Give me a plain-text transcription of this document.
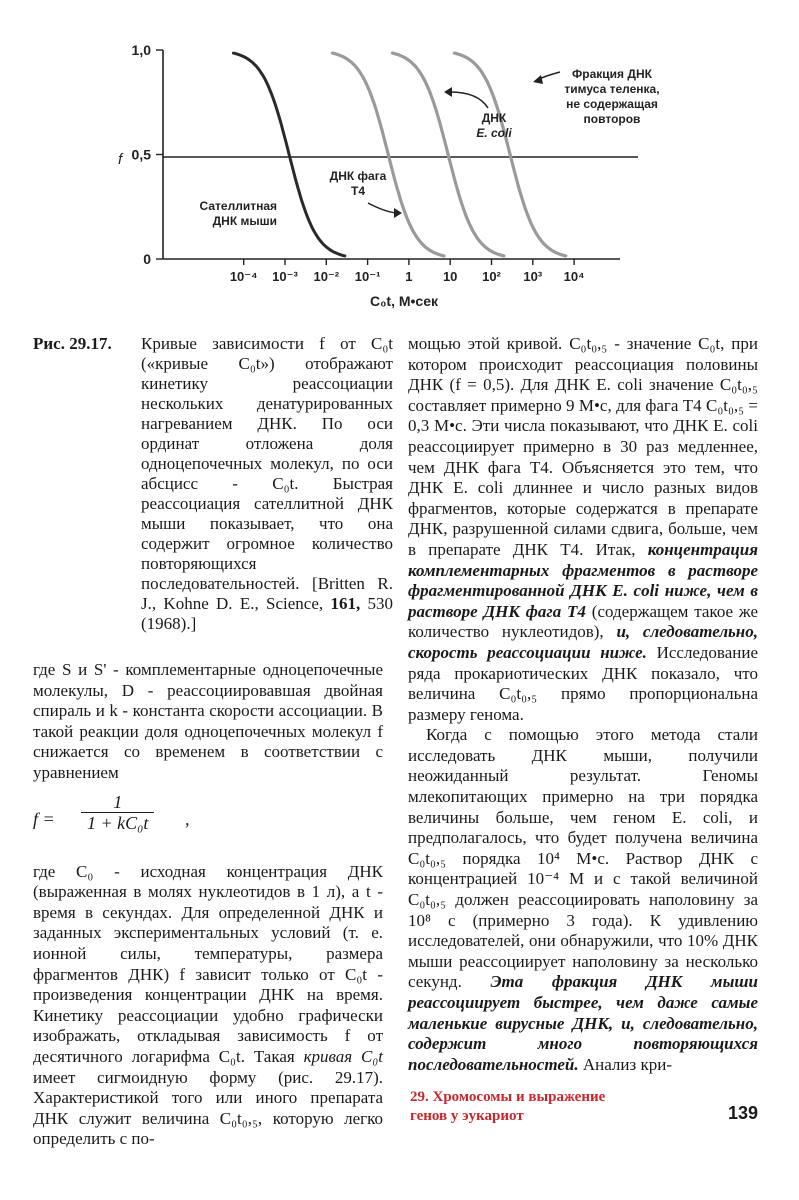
0
0,5
1,0
10⁻⁴ 10⁻³ 10⁻² 10⁻¹ 1 10 10² 10³ 10⁴
f
C₀t, М•сек
Сателлитная
ДНК мыши
ДНК фага
Т4
ДНК
E. coli
Фракция ДНК
тимуса теленка,
не содержащая
повторов
Рис. 29.17. Кривые зависимости f от C₀t («кривые C₀t») отображают кинетику реассоциации нескольких денатурированных нагреванием ДНК. По оси ординат отложена доля одноцепочечных молекул, по оси абсцисс - C₀t. Быстрая реассоциация сателлитной ДНК мыши показывает, что она содержит огромное количество повторяющихся последовательностей. [Britten R. J., Kohne D. E., Science, 161, 530 (1968).]

где S и S' - комплементарные одноцепочечные молекулы, D - реассоциировавшая двойная спираль и k - константа скорости ассоциации. В такой реакции доля одноцепочечных молекул f снижается со временем в соответствии с уравнением

$f = \frac{1}{\text{1 + kC₀t}}$ ,

где C₀ - исходная концентрация ДНК (выраженная в молях нуклеотидов в 1 л), а t - время в секундах. Для определенной ДНК и заданных экспериментальных условий (т. е. ионной силы, температуры, размера фрагментов ДНК) f зависит только от C₀t - произведения концентрации ДНК на время. Кинетику реассоциации удобно графически изображать, откладывая зависимость f от десятичного логарифма C₀t. Такая кривая C₀t имеет сигмоидную форму (рис. 29.17). Характеристикой того или иного препарата ДНК служит величина C₀t₀,₅, которую легко определить с по-

мощью этой кривой. C₀t₀,₅ - значение C₀t, при котором происходит реассоциация половины ДНК (f = 0,5). Для ДНК E. coli значение C₀t₀,₅ составляет примерно 9 М•с, для фага Т4 C₀t₀,₅ = 0,3 М•с. Эти числа показывают, что ДНК E. coli реассоциирует примерно в 30 раз медленнее, чем ДНК фага Т4. Объясняется это тем, что ДНК E. coli длиннее и число разных видов фрагментов, которые содержатся в препарате ДНК, разрушенной силами сдвига, больше, чем в препарате ДНК Т4. Итак, концентрация комплементарных фрагментов в растворе фрагментированной ДНК E. coli ниже, чем в растворе ДНК фага Т4 (содержащем такое же количество нуклеотидов), и, следовательно, скорость реассоциации ниже. Исследование ряда прокариотических ДНК показало, что величина C₀t₀,₅ прямо пропорциональна размеру генома.

Когда с помощью этого метода стали исследовать ДНК мыши, получили неожиданный результат. Геномы млекопитающих примерно на три порядка величины больше, чем геном E. coli, и предполагалось, что будет получена величина C₀t₀,₅ порядка 10⁴ М•с. Раствор ДНК с концентрацией 10⁻⁴ М и с такой величиной C₀t₀,₅ должен реассоциировать наполовину за 10⁸ с (примерно 3 года). К удивлению исследователей, они обнаружили, что 10% ДНК мыши реассоциирует наполовину за несколько секунд. Эта фракция ДНК мыши реассоциирует быстрее, чем даже самые маленькие вирусные ДНК, и, следовательно, содержит много повторяющихся последовательностей. Анализ кри-

29. Хромосомы и выражение
генов у эукариот	139
